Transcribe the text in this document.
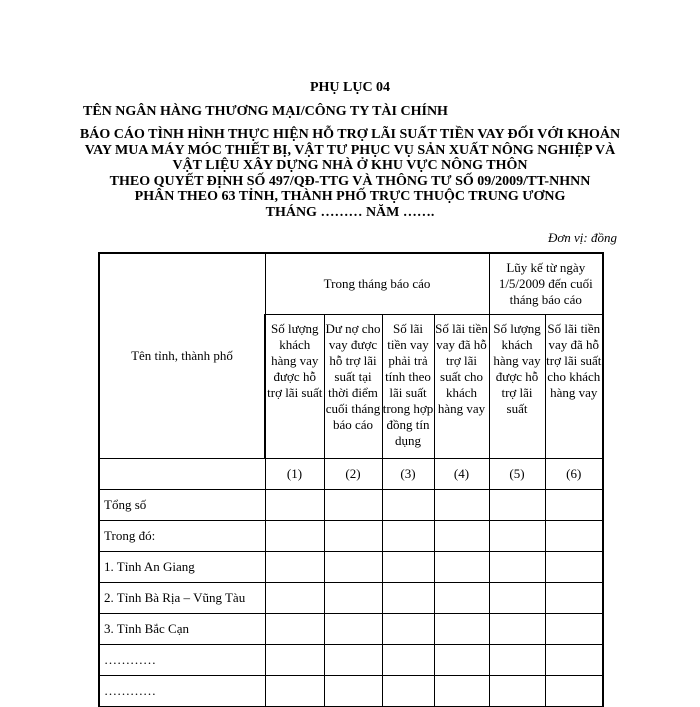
PHỤ LỤC 04
TÊN NGÂN HÀNG THƯƠNG MẠI/CÔNG TY TÀI CHÍNH
BÁO CÁO TÌNH HÌNH THỰC HIỆN HỖ TRỢ LÃI SUẤT TIỀN VAY ĐỐI VỚI KHOẢN
VAY MUA MÁY MÓC THIẾT BỊ, VẬT TƯ PHỤC VỤ SẢN XUẤT NÔNG NGHIỆP VÀ
VẬT LIỆU XÂY DỰNG NHÀ Ở KHU VỰC NÔNG THÔN
THEO QUYẾT ĐỊNH SỐ 497/QĐ-TTG VÀ THÔNG TƯ SỐ 09/2009/TT-NHNN
PHÂN THEO 63 TỈNH, THÀNH PHỐ TRỰC THUỘC TRUNG ƯƠNG
THÁNG ……… NĂM …….
Đơn vị: đồng
Tên tỉnh, thành phố	Trong tháng báo cáo				Lũy kế từ ngày 1/5/2009 đến cuối tháng báo cáo	
	Số lượng khách hàng vay được hỗ trợ lãi suất	Dư nợ cho vay được hỗ trợ lãi suất tại thời điểm cuối tháng báo cáo	Số lãi tiền vay phải trả tính theo lãi suất trong hợp đồng tín dụng	Số lãi tiền vay đã hỗ trợ lãi suất cho khách hàng vay	Số lượng khách hàng vay được hỗ trợ lãi suất	Số lãi tiền vay đã hỗ trợ lãi suất cho khách hàng vay
	(1)	(2)	(3)	(4)	(5)	(6)
Tổng số						
Trong đó:						
1. Tỉnh An Giang						
2. Tỉnh Bà Rịa – Vũng Tàu						
3. Tỉnh Bắc Cạn						
…………						
…………						
